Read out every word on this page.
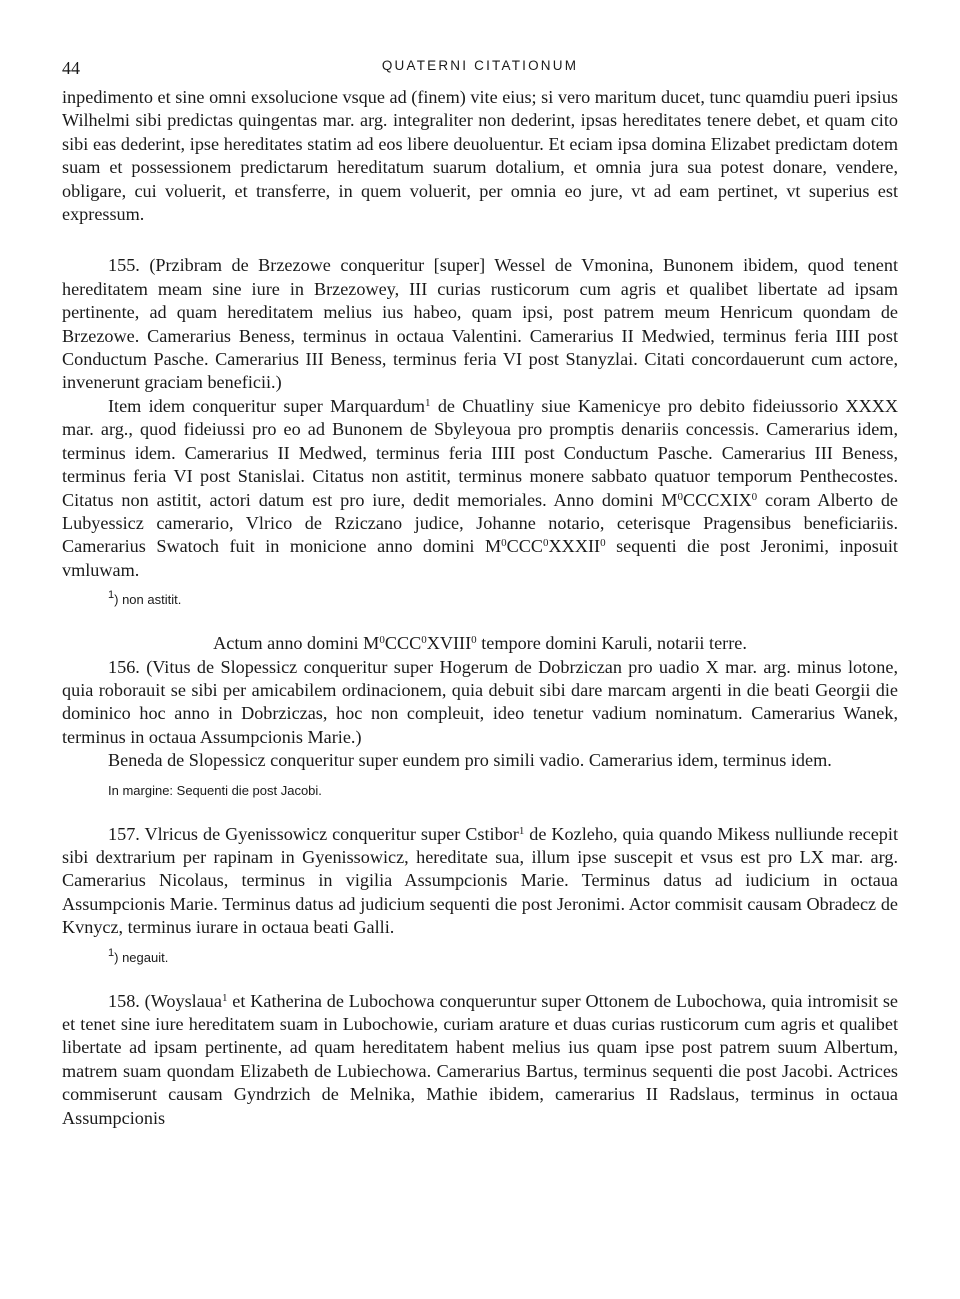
44	QUATERNI CITATIONUM

inpedimento et sine omni exsolucione vsque ad (finem) vite eius; si vero maritum ducet, tunc quamdiu pueri ipsius Wilhelmi sibi predictas quingentas mar. arg. integraliter non dederint, ipsas hereditates tenere debet, et quam cito sibi eas dederint, ipse hereditates statim ad eos libere deuoluentur. Et eciam ipsa domina Elizabet predictam dotem suam et possessionem predictarum hereditatum suarum dotalium, et omnia jura sua potest donare, vendere, obligare, cui voluerit, et transferre, in quem voluerit, per omnia eo jure, vt ad eam pertinet, vt superius est expressum.

155. (Przibram de Brzezowe conqueritur [super] Wessel de Vmonina, Bunonem ibidem, quod tenent hereditatem meam sine iure in Brzezowey, III curias rusticorum cum agris et qualibet libertate ad ipsam pertinente, ad quam hereditatem melius ius habeo, quam ipsi, post patrem meum Henricum quondam de Brzezowe. Camerarius Beness, terminus in octaua Valentini. Camerarius II Medwied, terminus feria IIII post Conductum Pasche. Camerarius III Beness, terminus feria VI post Stanyzlai. Citati concordauerunt cum actore, invenerunt graciam beneficii.)

Item idem conqueritur super Marquardum$^1$ de Chuatliny siue Kamenicye pro debito fideiussorio XXXX mar. arg., quod fideiussi pro eo ad Bunonem de Sbyleyoua pro promptis denariis concessis. Camerarius idem, terminus idem. Camerarius II Medwed, terminus feria IIII post Conductum Pasche. Camerarius III Beness, terminus feria VI post Stanislai. Citatus non astitit, terminus monere sabbato quatuor temporum Penthecostes. Citatus non astitit, actori datum est pro iure, dedit memoriales. Anno domini $M^0CCCXIX^0$ coram Alberto de Lubyessicz camerario, Vlrico de Rziczano judice, Johanne notario, ceterisque Pragensibus beneficiariis. Camerarius Swatoch fuit in monicione anno domini $M^0CCC^0XXXII^0$ sequenti die post Jeronimi, inposuit vmluwam.

$^1$) non astitit.

Actum anno domini $M^0CCC^0XVIII^0$ tempore domini Karuli, notarii terre.

156. (Vitus de Slopessicz conqueritur super Hogerum de Dobrziczan pro uadio X mar. arg. minus lotone, quia roborauit se sibi per amicabilem ordinacionem, quia debuit sibi dare marcam argenti in die beati Georgii die dominico hoc anno in Dobrziczas, hoc non compleuit, ideo tenetur vadium nominatum. Camerarius Wanek, terminus in octaua Assumpcionis Marie.)

Beneda de Slopessicz conqueritur super eundem pro simili vadio. Camerarius idem, terminus idem.

In margine: Sequenti die post Jacobi.

157. Vlricus de Gyenissowicz conqueritur super Cstibor$^1$ de Kozleho, quia quando Mikess nulliunde recepit sibi dextrarium per rapinam in Gyenissowicz, hereditate sua, illum ipse suscepit et vsus est pro LX mar. arg. Camerarius Nicolaus, terminus in vigilia Assumpcionis Marie. Terminus datus ad iudicium in octaua Assumpcionis Marie. Terminus datus ad judicium sequenti die post Jeronimi. Actor commisit causam Obradecz de Kvnycz, terminus iurare in octaua beati Galli.

$^1$) negauit.

158. (Woyslaua$^1$ et Katherina de Lubochowa conqueruntur super Ottonem de Lubochowa, quia intromisit se et tenet sine iure hereditatem suam in Lubochowie, curiam arature et duas curias rusticorum cum agris et qualibet libertate ad ipsam pertinente, ad quam hereditatem habent melius ius quam ipse post patrem suum Albertum, matrem suam quondam Elizabeth de Lubiechowa. Camerarius Bartus, terminus sequenti die post Jacobi. Actrices commiserunt causam Gyndrzich de Melnika, Mathie ibidem, camerarius II Radslaus, terminus in octaua Assumpcionis
